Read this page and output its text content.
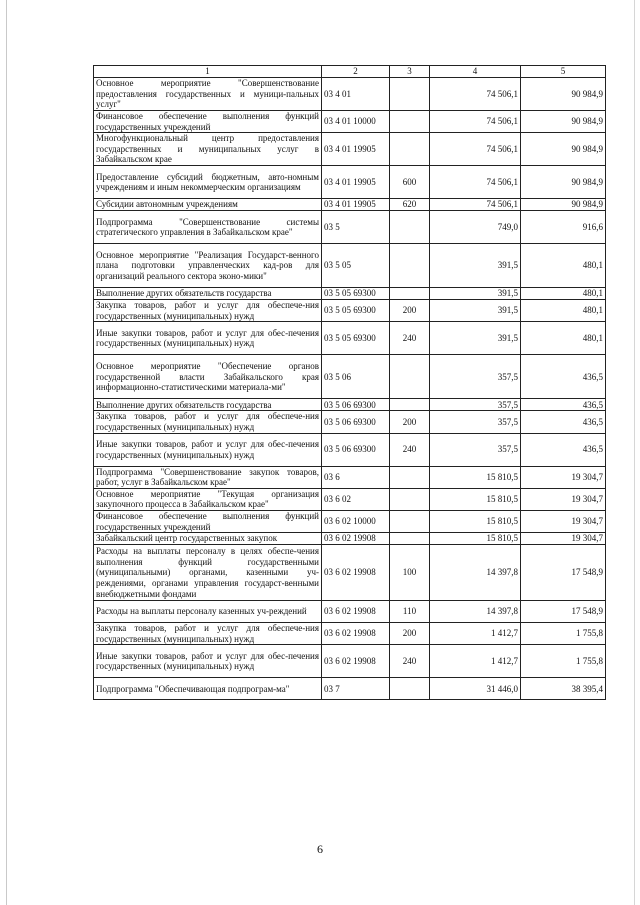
1	2	3	4	5
Основное мероприятие "Совершенствование предоставления государственных и муници-пальных услуг"	03 4 01		74 506,1	90 984,9
Финансовое обеспечение выполнения функций государственных учреждений	03 4 01 10000		74 506,1	90 984,9
Многофункциональный центр предоставления государственных и муниципальных услуг в Забайкальском крае	03 4 01 19905		74 506,1	90 984,9
Предоставление субсидий бюджетным, авто-номным учреждениям и иным некоммерческим организациям	03 4 01 19905	600	74 506,1	90 984,9
Субсидии автономным учреждениям	03 4 01 19905	620	74 506,1	90 984,9
Подпрограмма "Совершенствование системы стратегического управления в Забайкальском крае"	03 5		749,0	916,6
Основное мероприятие "Реализация Государст-венного плана подготовки управленческих кад-ров для организаций реального сектора эконо-мики"	03 5 05		391,5	480,1
Выполнение других обязательств государства	03 5 05 69300		391,5	480,1
Закупка товаров, работ и услуг для обеспече-ния государственных (муниципальных) нужд	03 5 05 69300	200	391,5	480,1
Иные закупки товаров, работ и услуг для обес-печения государственных (муниципальных) нужд	03 5 05 69300	240	391,5	480,1
Основное мероприятие "Обеспечение органов государственной власти Забайкальского края информационно-статистическими материала-ми"	03 5 06		357,5	436,5
Выполнение других обязательств государства	03 5 06 69300		357,5	436,5
Закупка товаров, работ и услуг для обеспече-ния государственных (муниципальных) нужд	03 5 06 69300	200	357,5	436,5
Иные закупки товаров, работ и услуг для обес-печения государственных (муниципальных) нужд	03 5 06 69300	240	357,5	436,5
Подпрограмма "Совершенствование закупок товаров, работ, услуг в Забайкальском крае"	03 6		15 810,5	19 304,7
Основное мероприятие "Текущая организация закупочного процесса в Забайкальском крае"	03 6 02		15 810,5	19 304,7
Финансовое обеспечение выполнения функций государственных учреждений	03 6 02 10000		15 810,5	19 304,7
Забайкальский центр государственных закупок	03 6 02 19908		15 810,5	19 304,7
Расходы на выплаты персоналу в целях обеспе-чения выполнения функций государственными (муниципальными) органами, казенными уч-реждениями, органами управления государст-венными внебюджетными фондами	03 6 02 19908	100	14 397,8	17 548,9
Расходы на выплаты персоналу казенных уч-реждений	03 6 02 19908	110	14 397,8	17 548,9
Закупка товаров, работ и услуг для обеспече-ния государственных (муниципальных) нужд	03 6 02 19908	200	1 412,7	1 755,8
Иные закупки товаров, работ и услуг для обес-печения государственных (муниципальных) нужд	03 6 02 19908	240	1 412,7	1 755,8
Подпрограмма "Обеспечивающая подпрограм-ма"	03 7		31 446,0	38 395,4
6
